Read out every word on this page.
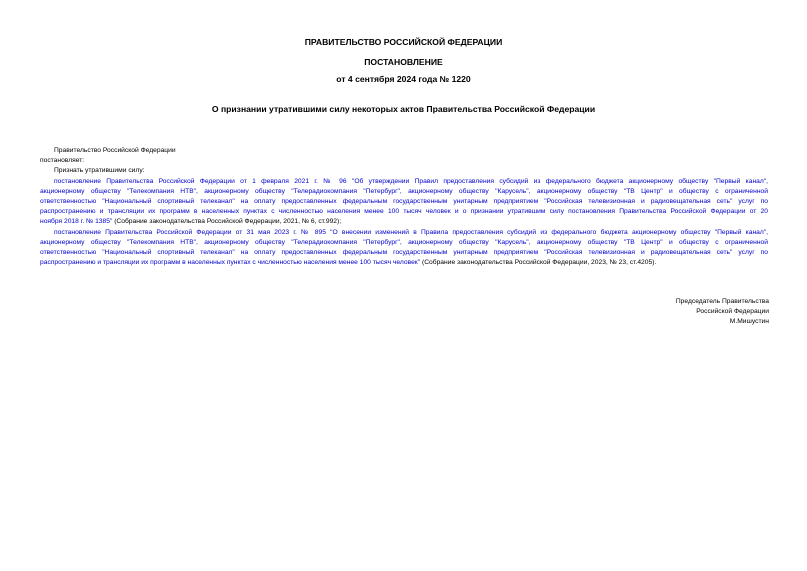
ПРАВИТЕЛЬСТВО РОССИЙСКОЙ ФЕДЕРАЦИИ
ПОСТАНОВЛЕНИЕ
от 4 сентября 2024 года № 1220
О признании утратившими силу некоторых актов Правительства Российской Федерации
Правительство Российской Федерации
постановляет:
Признать утратившими силу:
постановление Правительства Российской Федерации от 1 февраля 2021 г. № 96 "Об утверждении Правил предоставления субсидий из федерального бюджета акционерному обществу "Первый канал",
акционерному обществу "Телекомпания НТВ", акционерному обществу "Телерадиокомпания "Петербург", акционерному обществу "Карусель", акционерному обществу "ТВ Центр" и обществу с ограниченной
ответственностью "Национальный спортивный телеканал" на оплату предоставленных федеральным государственным унитарным предприятием "Российская телевизионная и радиовещательная сеть" услуг по
распространению и трансляции их программ в населенных пунктах с численностью населения менее 100 тысяч человек и о признании утратившим силу постановления Правительства Российской Федерации от 20
ноября 2018 г. № 1385" (Собрание законодательства Российской Федерации, 2021, № 6, ст.992);
постановление Правительства Российской Федерации от 31 мая 2023 г. № 895 "О внесении изменений в Правила предоставления субсидий из федерального бюджета акционерному обществу "Первый канал",
акционерному обществу "Телекомпания НТВ", акционерному обществу "Телерадиокомпания "Петербург", акционерному обществу "Карусель", акционерному обществу "ТВ Центр" и обществу с ограниченной
ответственностью "Национальный спортивный телеканал" на оплату предоставленных федеральным государственным унитарным предприятием "Российская телевизионная и радиовещательная сеть" услуг по
распространению и трансляции их программ в населенных пунктах с численностью населения менее 100 тысяч человек" (Собрание законодательства Российской Федерации, 2023, № 23, ст.4205).
Председатель Правительства
Российской Федерации
М.Мишустин
